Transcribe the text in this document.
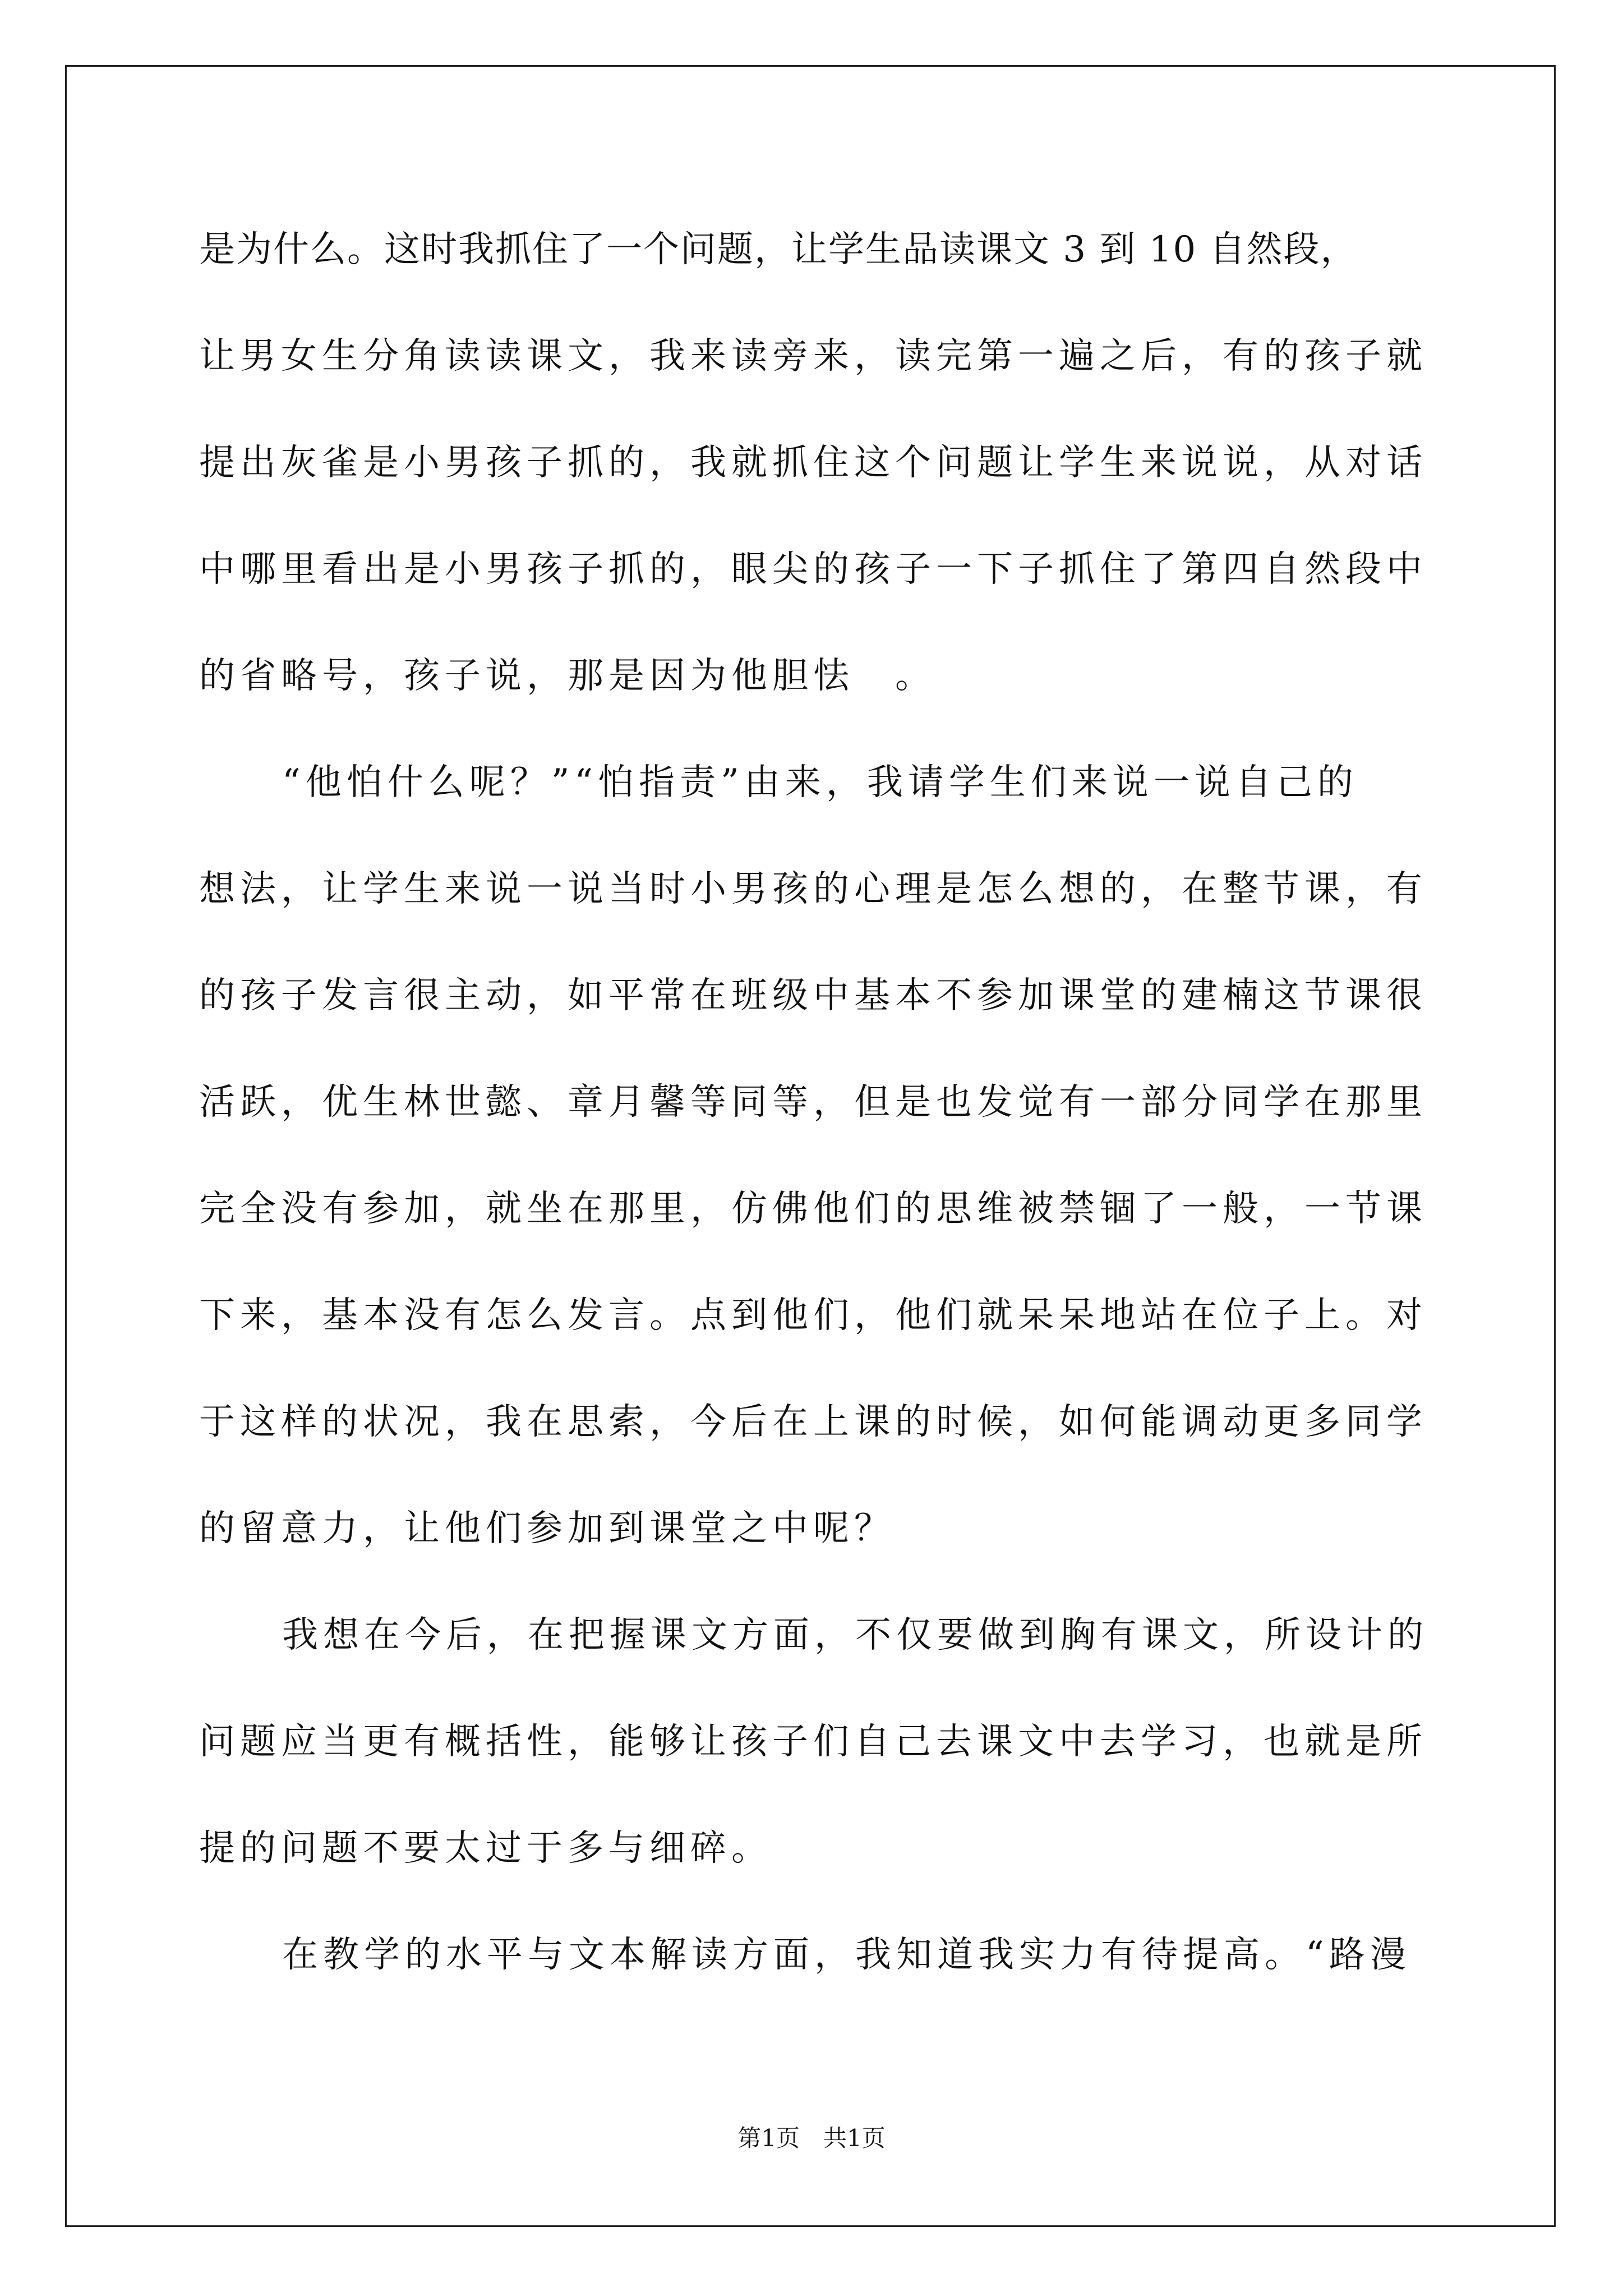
是为什么。这时我抓住了一个问题，让学生品读课文 3 到 10 自然段，
让男女生分角读读课文，我来读旁来，读完第一遍之后，有的孩子就
提出灰雀是小男孩子抓的，我就抓住这个问题让学生来说说，从对话
中哪里看出是小男孩子抓的，眼尖的孩子一下子抓住了第四自然段中
的省略号，孩子说，那是因为他胆怯　。
“他怕什么呢？”“怕指责”由来，我请学生们来说一说自己的
想法，让学生来说一说当时小男孩的心理是怎么想的，在整节课，有
的孩子发言很主动，如平常在班级中基本不参加课堂的建楠这节课很
活跃，优生林世懿、章月馨等同等，但是也发觉有一部分同学在那里
完全没有参加，就坐在那里，仿佛他们的思维被禁锢了一般，一节课
下来，基本没有怎么发言。点到他们，他们就呆呆地站在位子上。对
于这样的状况，我在思索，今后在上课的时候，如何能调动更多同学
的留意力，让他们参加到课堂之中呢？
我想在今后，在把握课文方面，不仅要做到胸有课文，所设计的
问题应当更有概括性，能够让孩子们自己去课文中去学习，也就是所
提的问题不要太过于多与细碎。
在教学的水平与文本解读方面，我知道我实力有待提高。“路漫
第1页　共1页
